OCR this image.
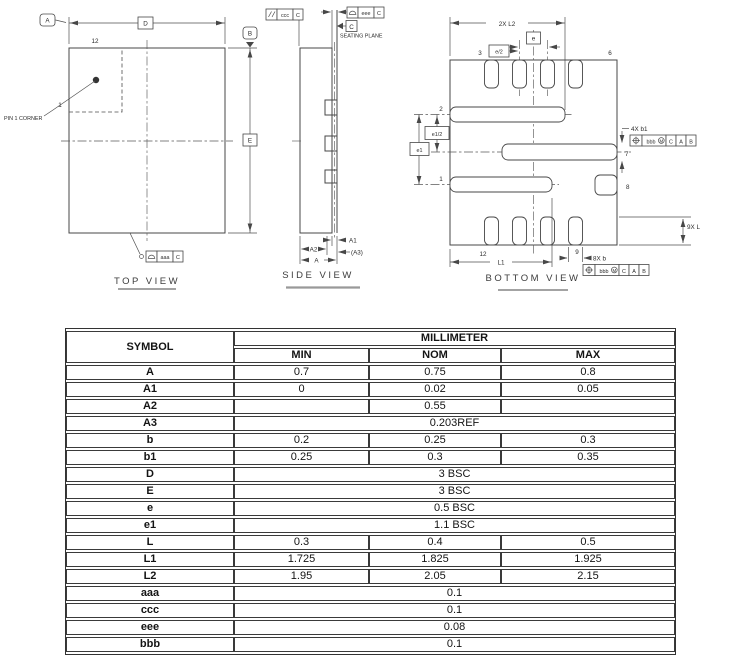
A	D
1
12
PIN 1 CORNER
B
E
aaa C
TOP VIEW
ccc C	eee C
C
SEATING PLANE
A1
(A3)
A2
A
SIDE VIEW
2X L2
e
e/2
e1/2
e1
2
1
3	6
7
8
12	9
4X b1
bbb M C A B
8X b
bbb M C A B
9X L
L1
BOTTOM VIEW
SYMBOL	MILLIMETER		
	MIN	NOM	MAX
A	0.7	0.75	0.8
A1	0	0.02	0.05
A2		0.55	
A3	0.203REF		
b	0.2	0.25	0.3
b1	0.25	0.3	0.35
D	3 BSC		
E	3 BSC		
e	0.5 BSC		
e1	1.1 BSC		
L	0.3	0.4	0.5
L1	1.725	1.825	1.925
L2	1.95	2.05	2.15
aaa	0.1		
ccc	0.1		
eee	0.08		
bbb	0.1		
